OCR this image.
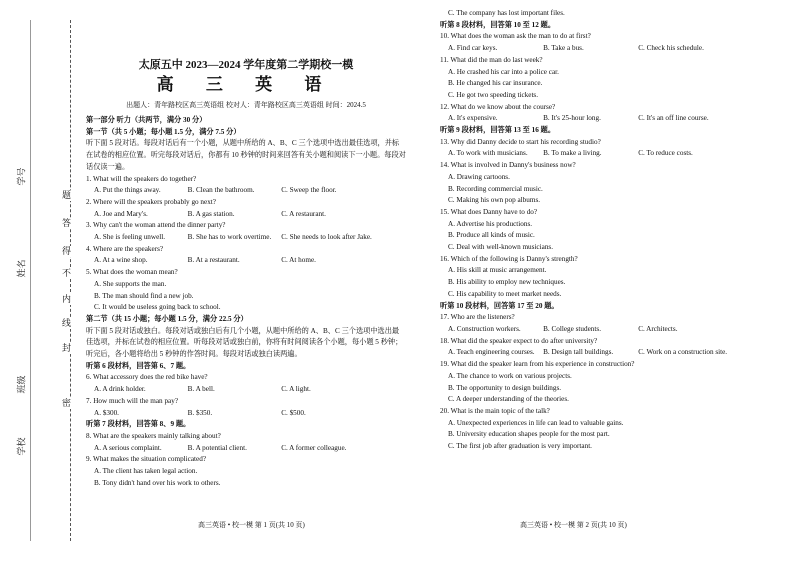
学号
姓名
班级
学校
题
答
得
不
内
线
封
密
太原五中 2023—2024 学年度第二学期校一模
高 三 英 语
出题人：青年路校区高三英语组 校对人：青年路校区高三英语组 时间：2024.5
第一部分 听力（共两节，满分 30 分）
第一节（共 5 小题；每小题 1.5 分，满分 7.5 分）
听下面 5 段对话。每段对话后有一个小题，从题中所给的 A、B、C 三个选项中选出最佳选项，并标在试卷的相应位置。听完每段对话后，你都有 10 秒钟的时间来回答有关小题和阅读下一小题。每段对话仅读一遍。
1. What will the speakers do together?
A. Put the things away.	B. Clean the bathroom.	C. Sweep the floor.
2. Where will the speakers probably go next?
A. Joe and Mary's.	B. A gas station.	C. A restaurant.
3. Why can't the woman attend the dinner party?
A. She is feeling unwell.	B. She has to work overtime.	C. She needs to look after Jake.
4. Where are the speakers?
A. At a wine shop.	B. At a restaurant.	C. At home.
5. What does the woman mean?
A. She supports the man.
B. The man should find a new job.
C. It would be useless going back to school.
第二节（共 15 小题；每小题 1.5 分，满分 22.5 分）
听下面 5 段对话或独白。每段对话或独白后有几个小题，从题中所给的 A、B、C 三个选项中选出最佳选项，并标在试卷的相应位置。听每段对话或独白前，你将有时间阅读各个小题，每小题 5 秒钟；听完后，各小题将给出 5 秒钟的作答时间。每段对话或独白读两遍。
听第 6 段材料，回答第 6、7 题。
6. What accessory does the red bike have?
A. A drink holder.	B. A bell.	C. A light.
7. How much will the man pay?
A. $300.	B. $350.	C. $500.
听第 7 段材料，回答第 8、9 题。
8. What are the speakers mainly talking about?
A. A serious complaint.	B. A potential client.	C. A former colleague.
9. What makes the situation complicated?
A. The client has taken legal action.
B. Tony didn't hand over his work to others.
C. The company has lost important files.
听第 8 段材料，回答第 10 至 12 题。
10. What does the woman ask the man to do at first?
A. Find car keys.	B. Take a bus.	C. Check his schedule.
11. What did the man do last week?
A. He crashed his car into a police car.
B. He changed his car insurance.
C. He got two speeding tickets.
12. What do we know about the course?
A. It's expensive.	B. It's 25-hour long.	C. It's an off line course.
听第 9 段材料，回答第 13 至 16 题。
13. Why did Danny decide to start his recording studio?
A. To work with musicians.	B. To make a living.	C. To reduce costs.
14. What is involved in Danny's business now?
A. Drawing cartoons.
B. Recording commercial music.
C. Making his own pop albums.
15. What does Danny have to do?
A. Advertise his productions.
B. Produce all kinds of music.
C. Deal with well-known musicians.
16. Which of the following is Danny's strength?
A. His skill at music arrangement.
B. His ability to employ new techniques.
C. His capability to meet market needs.
听第 10 段材料，回答第 17 至 20 题。
17. Who are the listeners?
A. Construction workers.	B. College students.	C. Architects.
18. What did the speaker expect to do after university?
A. Teach engineering courses.	B. Design tall buildings.	C. Work on a construction site.
19. What did the speaker learn from his experience in construction?
A. The chance to work on various projects.
B. The opportunity to design buildings.
C. A deeper understanding of the theories.
20. What is the main topic of the talk?
A. Unexpected experiences in life can lead to valuable gains.
B. University education shapes people for the most part.
C. The first job after graduation is very important.
高三英语 • 校一模 第 1 页(共 10 页)	高三英语 • 校一模 第 2 页(共 10 页)
